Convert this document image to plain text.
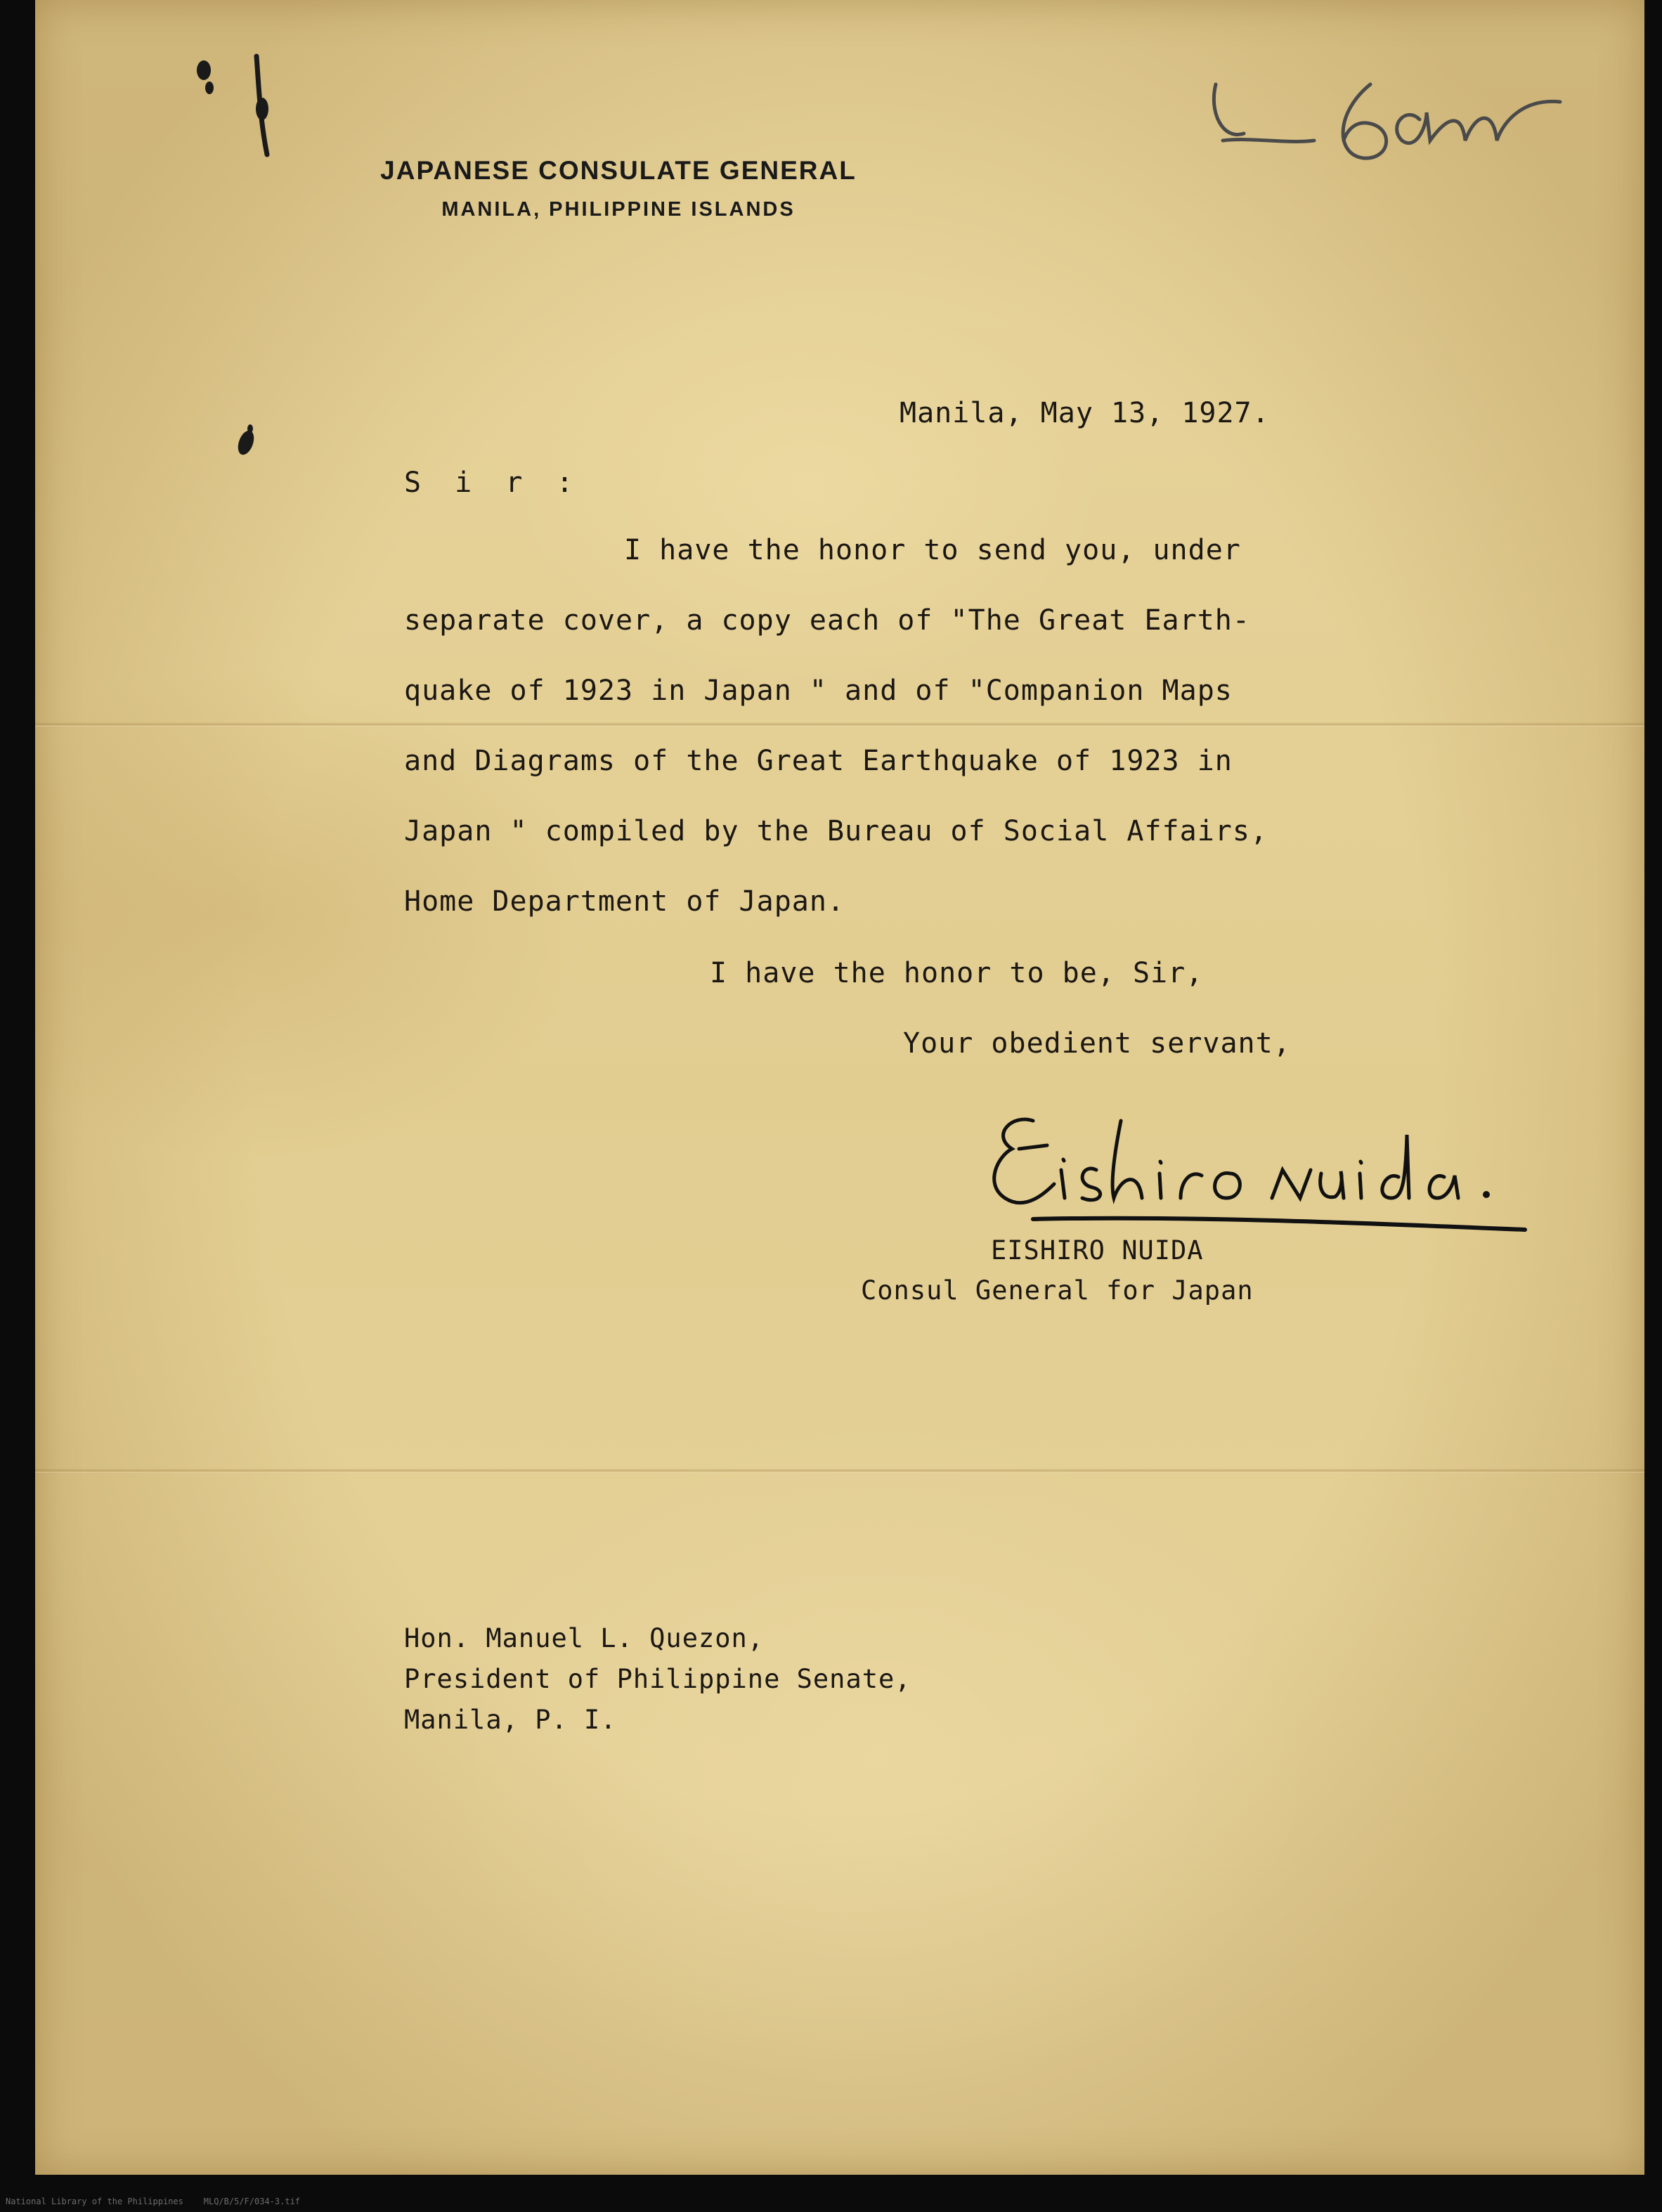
JAPANESE CONSULATE GENERAL
MANILA, PHILIPPINE ISLANDS
Manila, May 13, 1927.
S i r :
I have the honor to send you, under
separate cover, a copy each of "The Great Earth-
quake of 1923 in Japan " and of "Companion Maps
and Diagrams of the Great Earthquake of 1923 in
Japan " compiled by the Bureau of Social Affairs,
Home Department of Japan.
I have the honor to be, Sir,
Your obedient servant,
EISHIRO NUIDA
Consul General for Japan
Hon. Manuel L. Quezon,
President of Philippine Senate,
Manila, P. I.
National Library of the Philippines    MLQ/B/5/F/034-3.tif
